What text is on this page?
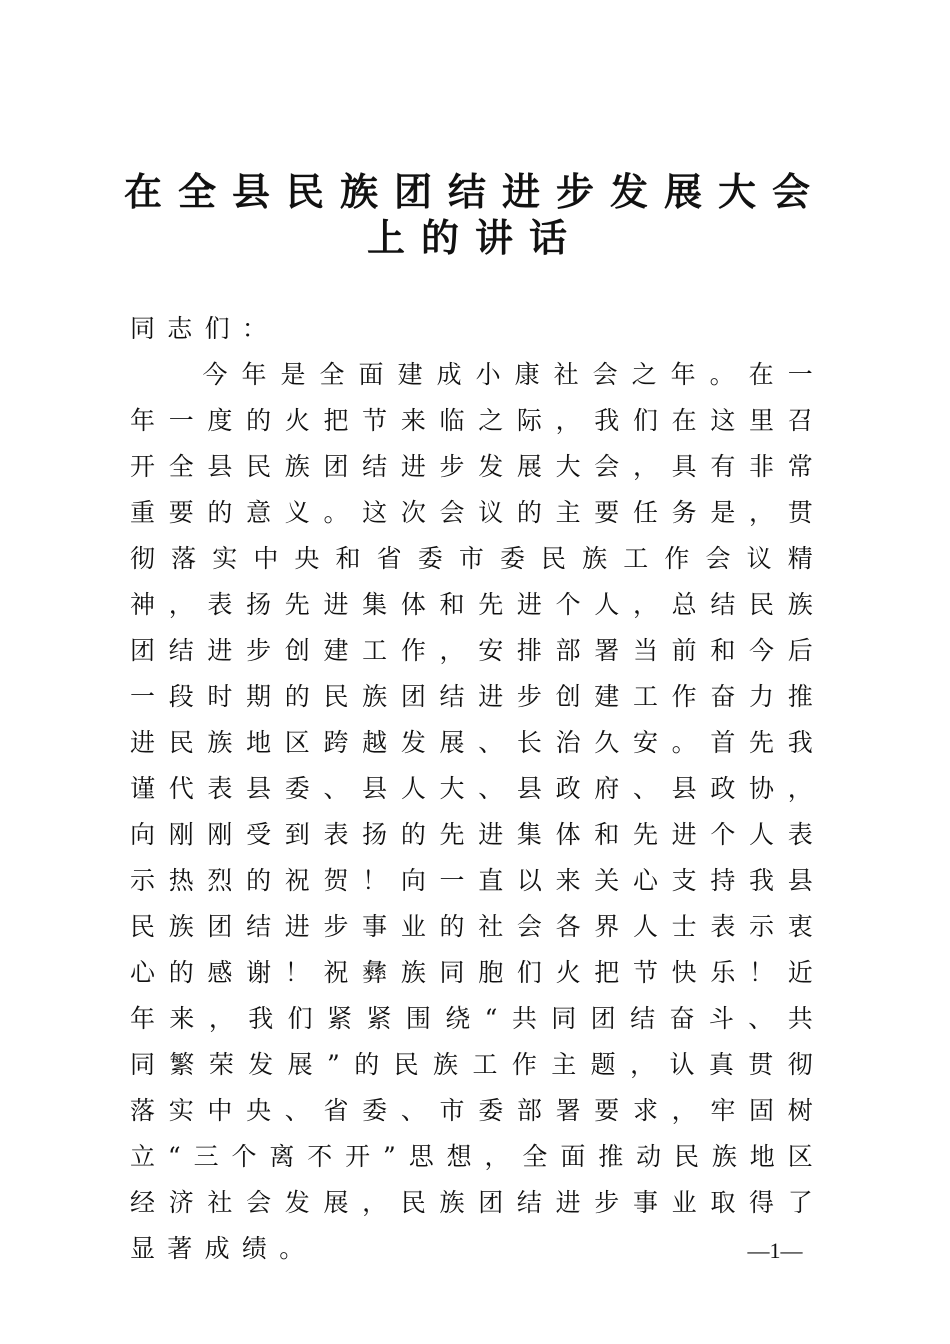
在全县民族团结进步发展大会
上的讲话

同志们：

今年是全面建成小康社会之年。在一年一度的火把节来临之际，我们在这里召开全县民族团结进步发展大会，具有非常重要的意义。这次会议的主要任务是，贯彻落实中央和省委市委民族工作会议精神，表扬先进集体和先进个人，总结民族团结进步创建工作，安排部署当前和今后一段时期的民族团结进步创建工作奋力推进民族地区跨越发展、长治久安。首先我谨代表县委、县人大、县政府、县政协，向刚刚受到表扬的先进集体和先进个人表示热烈的祝贺！向一直以来关心支持我县民族团结进步事业的社会各界人士表示衷心的感谢！祝彝族同胞们火把节快乐！近年来，我们紧紧围绕“共同团结奋斗、共同繁荣发展”的民族工作主题，认真贯彻落实中央、省委、市委部署要求，牢固树立“三个离不开”思想，全面推动民族地区经济社会发展，民族团结进步事业取得了显著成绩。	—1—
